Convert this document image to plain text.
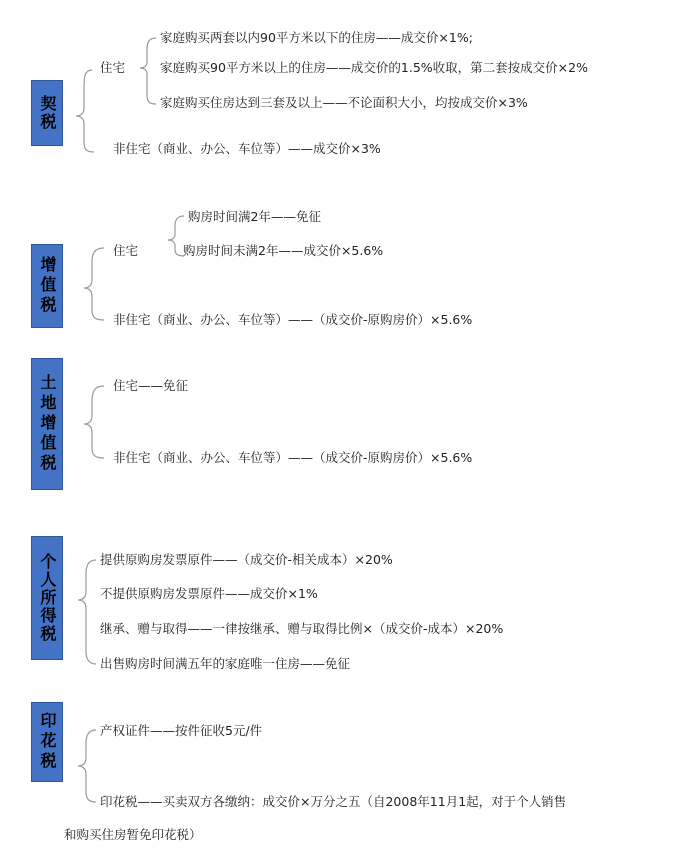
契税
住宅
家庭购买两套以内90平方米以下的住房——成交价×1%;
家庭购买90平方米以上的住房——成交价的1.5%收取，第二套按成交价×2%
家庭购买住房达到三套及以上——不论面积大小，均按成交价×3%
非住宅（商业、办公、车位等）——成交价×3%
增值税
住宅
购房时间满2年——免征
购房时间未满2年——成交价×5.6%
非住宅（商业、办公、车位等）——（成交价-原购房价）×5.6%
土地增值税	住宅——免征
非住宅（商业、办公、车位等）——（成交价-原购房价）×5.6%
个人所得税	提供原购房发票原件——（成交价-相关成本）×20%
不提供原购房发票原件——成交价×1%
继承、赠与取得——一律按继承、赠与取得比例×（成交价-成本）×20%
出售购房时间满五年的家庭唯一住房——免征
印花税	产权证件——按件征收5元/件
印花税——买卖双方各缴纳：成交价×万分之五（自2008年11月1起，对于个人销售
和购买住房暂免印花税）
